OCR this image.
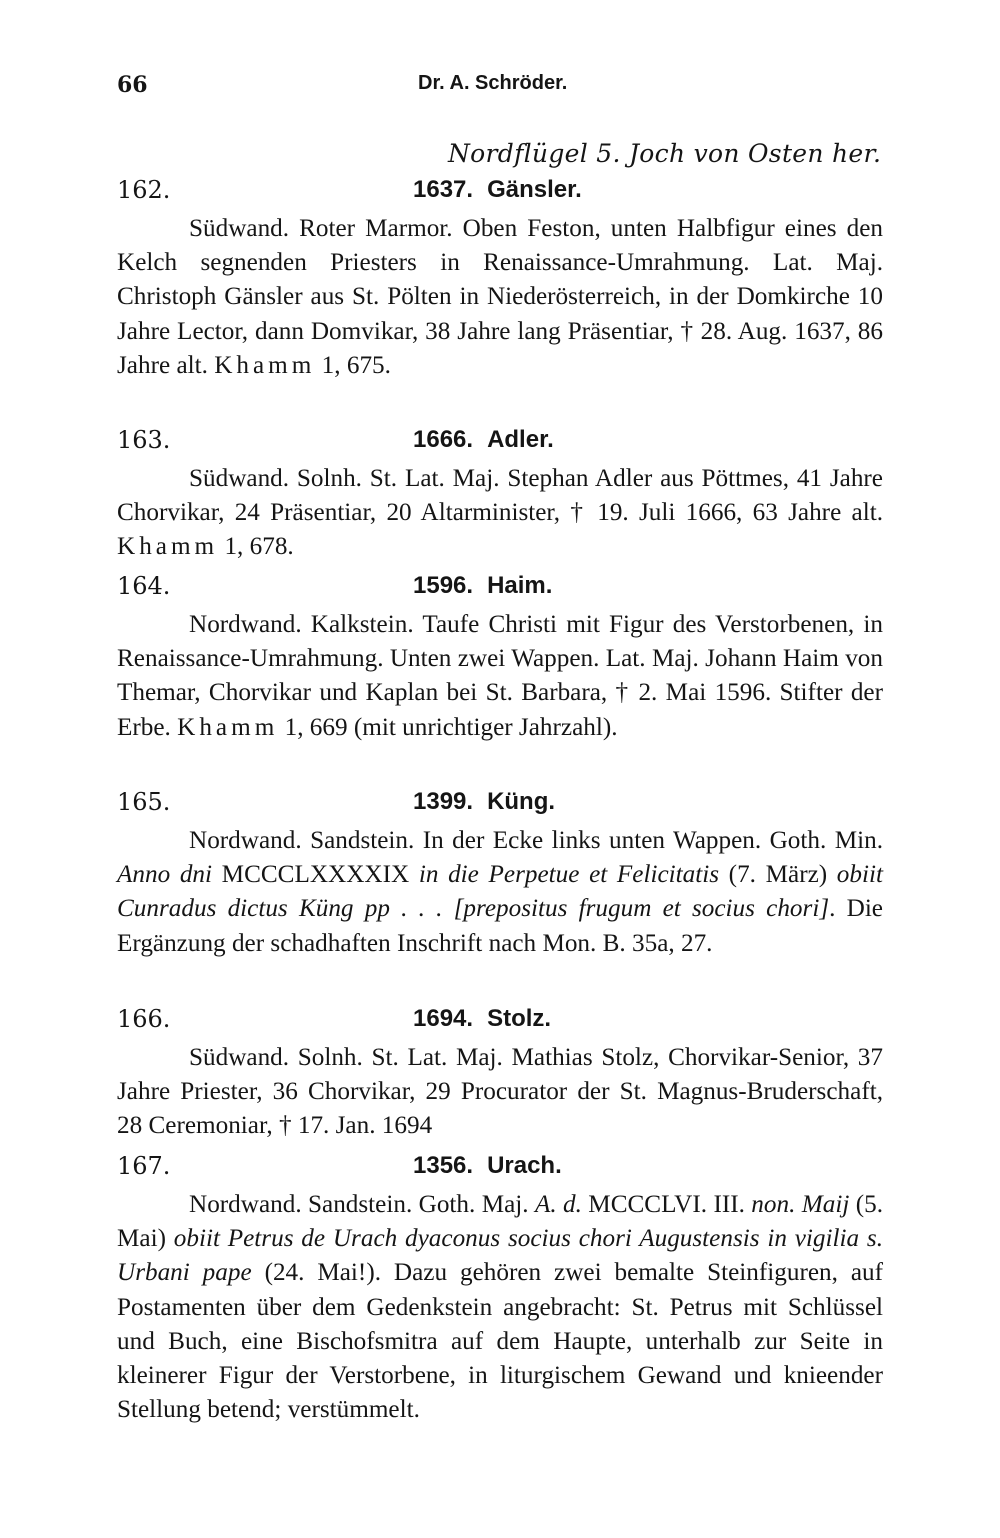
66	Dr. A. Schröder.
Nordflügel 5. Joch von Osten her.
162.	1637. Gänsler.
Südwand. Roter Marmor. Oben Feston, unten Halbfigur eines den Kelch segnenden Priesters in Renaissance-Umrahmung. Lat. Maj. Christoph Gänsler aus St. Pölten in Niederösterreich, in der Domkirche 10 Jahre Lector, dann Domvikar, 38 Jahre lang Präsentiar, † 28. Aug. 1637, 86 Jahre alt. Khamm 1, 675.
163.	1666. Adler.
Südwand. Solnh. St. Lat. Maj. Stephan Adler aus Pöttmes, 41 Jahre Chorvikar, 24 Präsentiar, 20 Altarminister, † 19. Juli 1666, 63 Jahre alt. Khamm 1, 678.
164.	1596. Haim.
Nordwand. Kalkstein. Taufe Christi mit Figur des Verstorbenen, in Renaissance-Umrahmung. Unten zwei Wappen. Lat. Maj. Johann Haim von Themar, Chorvikar und Kaplan bei St. Barbara, † 2. Mai 1596. Stifter der Erbe. Khamm 1, 669 (mit unrichtiger Jahrzahl).
165.	1399. Küng.
Nordwand. Sandstein. In der Ecke links unten Wappen. Goth. Min. Anno dni MCCCLXXXXIX in die Perpetue et Felicitatis (7. März) obiit Cunradus dictus Küng pp . . . [prepositus frugum et socius chori]. Die Ergänzung der schadhaften Inschrift nach Mon. B. 35a, 27.
166.	1694. Stolz.
Südwand. Solnh. St. Lat. Maj. Mathias Stolz, Chorvikar-Senior, 37 Jahre Priester, 36 Chorvikar, 29 Procurator der St. Magnus-Bruderschaft, 28 Ceremoniar, † 17. Jan. 1694
167.	1356. Urach.
Nordwand. Sandstein. Goth. Maj. A. d. MCCCLVI. III. non. Maij (5. Mai) obiit Petrus de Urach dyaconus socius chori Augustensis in vigilia s. Urbani pape (24. Mai!). Dazu gehören zwei bemalte Steinfiguren, auf Postamenten über dem Gedenkstein angebracht: St. Petrus mit Schlüssel und Buch, eine Bischofsmitra auf dem Haupte, unterhalb zur Seite in kleinerer Figur der Verstorbene, in liturgischem Gewand und knieender Stellung betend; verstümmelt.
